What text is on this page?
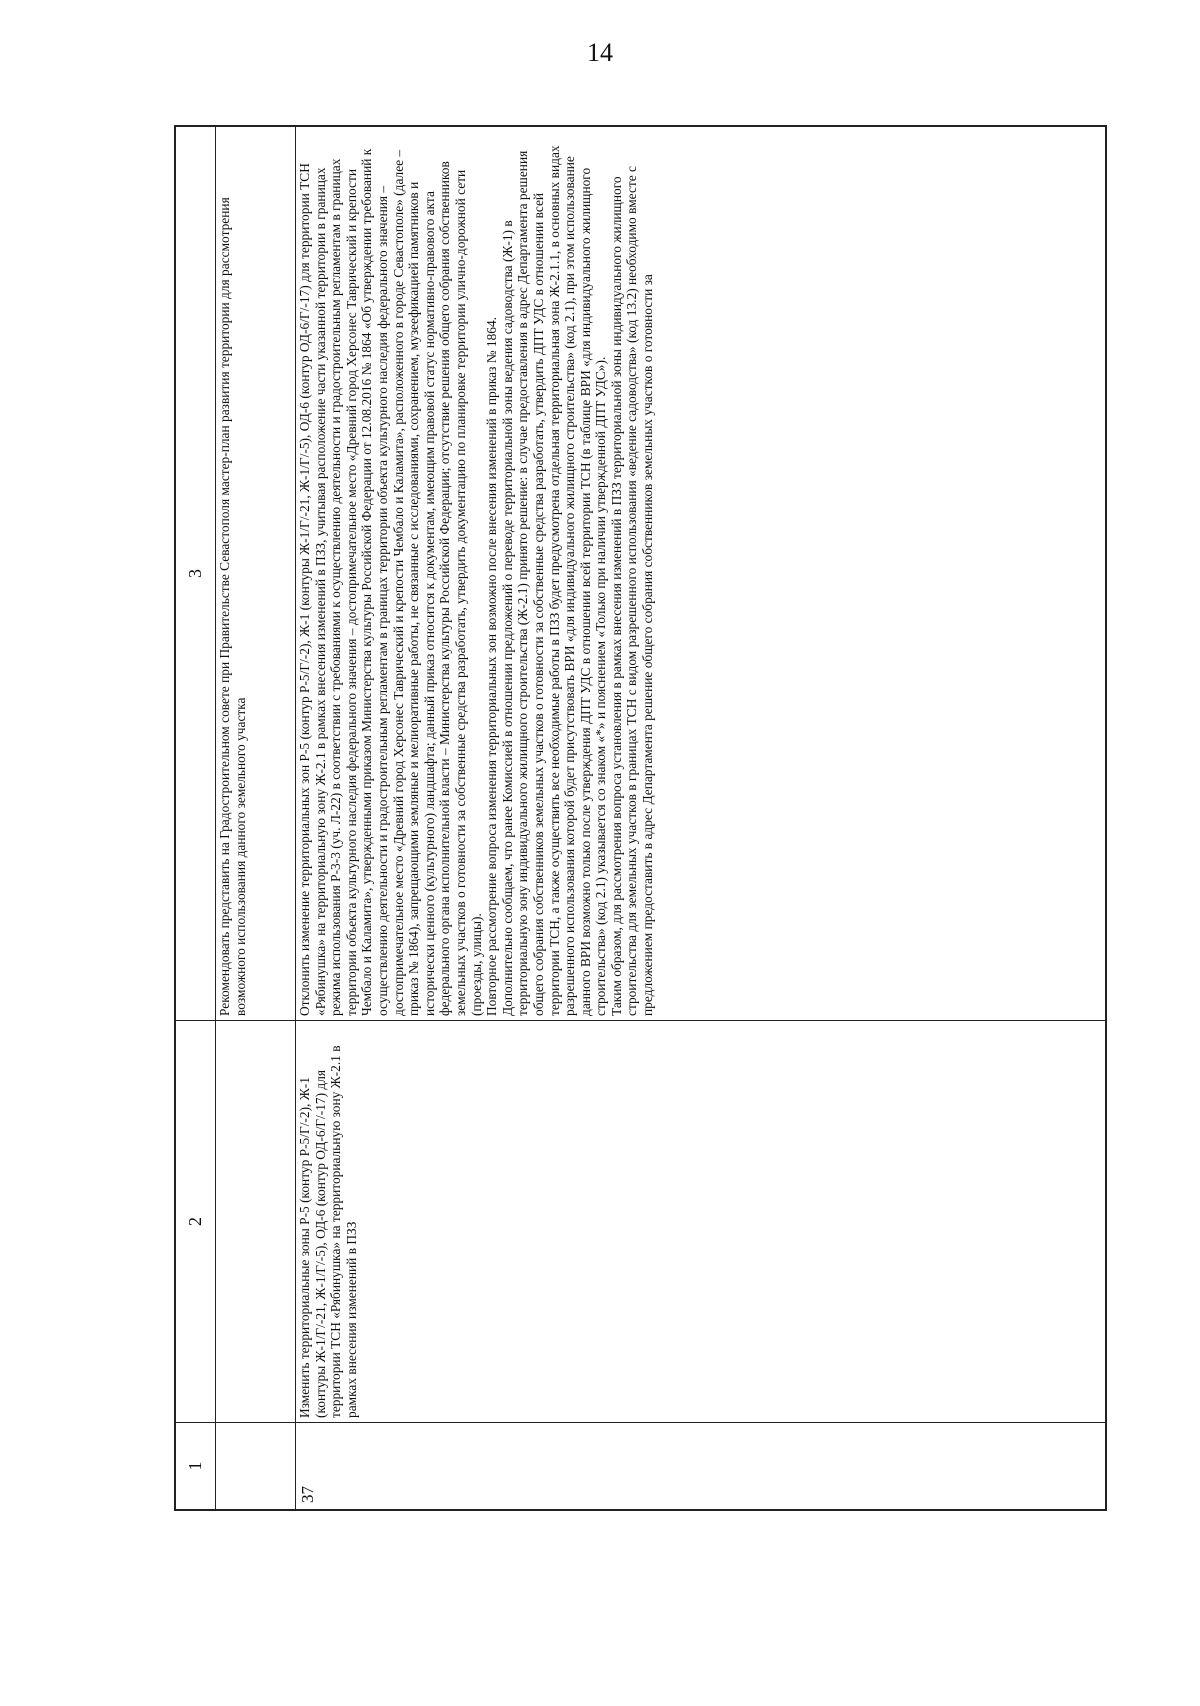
14
1
2
3 Рекомендовать представить на Градостроительном совете при Правительстве Севастополя мастер-план развития территории для рассмотрения возможного использования данного земельного участка
37
Изменить территориальные зоны Р-5 (контур Р-5/Г/-2), Ж-1 (контуры Ж-1/Г/-21, Ж-1/Г/-5), ОД-6 (контур ОД-6/Г/-17) для территории ТСН «Рябинушка» на территориальную зону Ж-2.1 в рамках внесения изменений в ПЗЗ

Отклонить изменение территориальных зон Р-5 (контур Р-5/Г/-2), Ж-1 (контуры Ж-1/Г/-21, Ж-1/Г/-5), ОД-6 (контур ОД-6/Г/-17) для территории ТСН «Рябинушка» на территориальную зону Ж-2.1 в рамках внесения изменений в ПЗЗ, учитывая расположение части указанной территории в границах режима использования Р-3-3 (уч. Л-22) в соответствии с требованиями к осуществлению деятельности и градостроительным регламентам в границах территории объекта культурного наследия федерального значения – достопримечательное место «Древний город Херсонес Таврический и крепости Чембало и Каламита», утвержденными приказом Министерства культуры Российской Федерации от 12.08.2016 № 1864 «Об утверждении требований к осуществлению деятельности и градостроительным регламентам в границах территории объекта культурного наследия федерального значения – достопримечательное место «Древний город Херсонес Таврический и крепости Чембало и Каламита», расположенного в городе Севастополе» (далее – приказ № 1864), запрещающими земляные и мелиоративные работы, не связанные с исследованиями, сохранением, музеефикацией памятников и исторически ценного (культурного) ландшафта; данный приказ относится к документам, имеющим правовой статус нормативно-правового акта федерального органа исполнительной власти – Министерства культуры Российской Федерации; отсутствие решения общего собрания собственников земельных участков о готовности за собственные средства разработать, утвердить документацию по планировке территории улично-дорожной сети (проезды, улицы). Повторное рассмотрение вопроса изменения территориальных зон возможно после внесения изменений в приказ № 1864. Дополнительно сообщаем, что ранее Комиссией в отношении предложений о переводе территориальной зоны ведения садоводства (Ж-1) в территориальную зону индивидуального жилищного строительства (Ж-2.1) принято решение: в случае предоставления в адрес Департамента решения общего собрания собственников земельных участков о готовности за собственные средства разработать, утвердить ДПТ УДС в отношении всей территории ТСН, а также осуществить все необходимые работы в ПЗЗ будет предусмотрена отдельная территориальная зона Ж-2.1.1, в основных видах разрешенного использования которой будет присутствовать ВРИ «для индивидуального жилищного строительства» (код 2.1), при этом использование данного ВРИ возможно только после утверждения ДПТ УДС в отношении всей территории ТСН (в таблице ВРИ «для индивидуального жилищного строительства» (код 2.1) указывается со знаком «*» и пояснением «Только при наличии утвержденной ДПТ УДС»). Таким образом, для рассмотрения вопроса установления в рамках внесения изменений в ПЗЗ территориальной зоны индивидуального жилищного строительства для земельных участков в границах ТСН с видом разрешенного использования «ведение садоводства» (код 13.2) необходимо вместе с предложением предоставить в адрес Департамента решение общего собрания собственников земельных участков о готовности за
